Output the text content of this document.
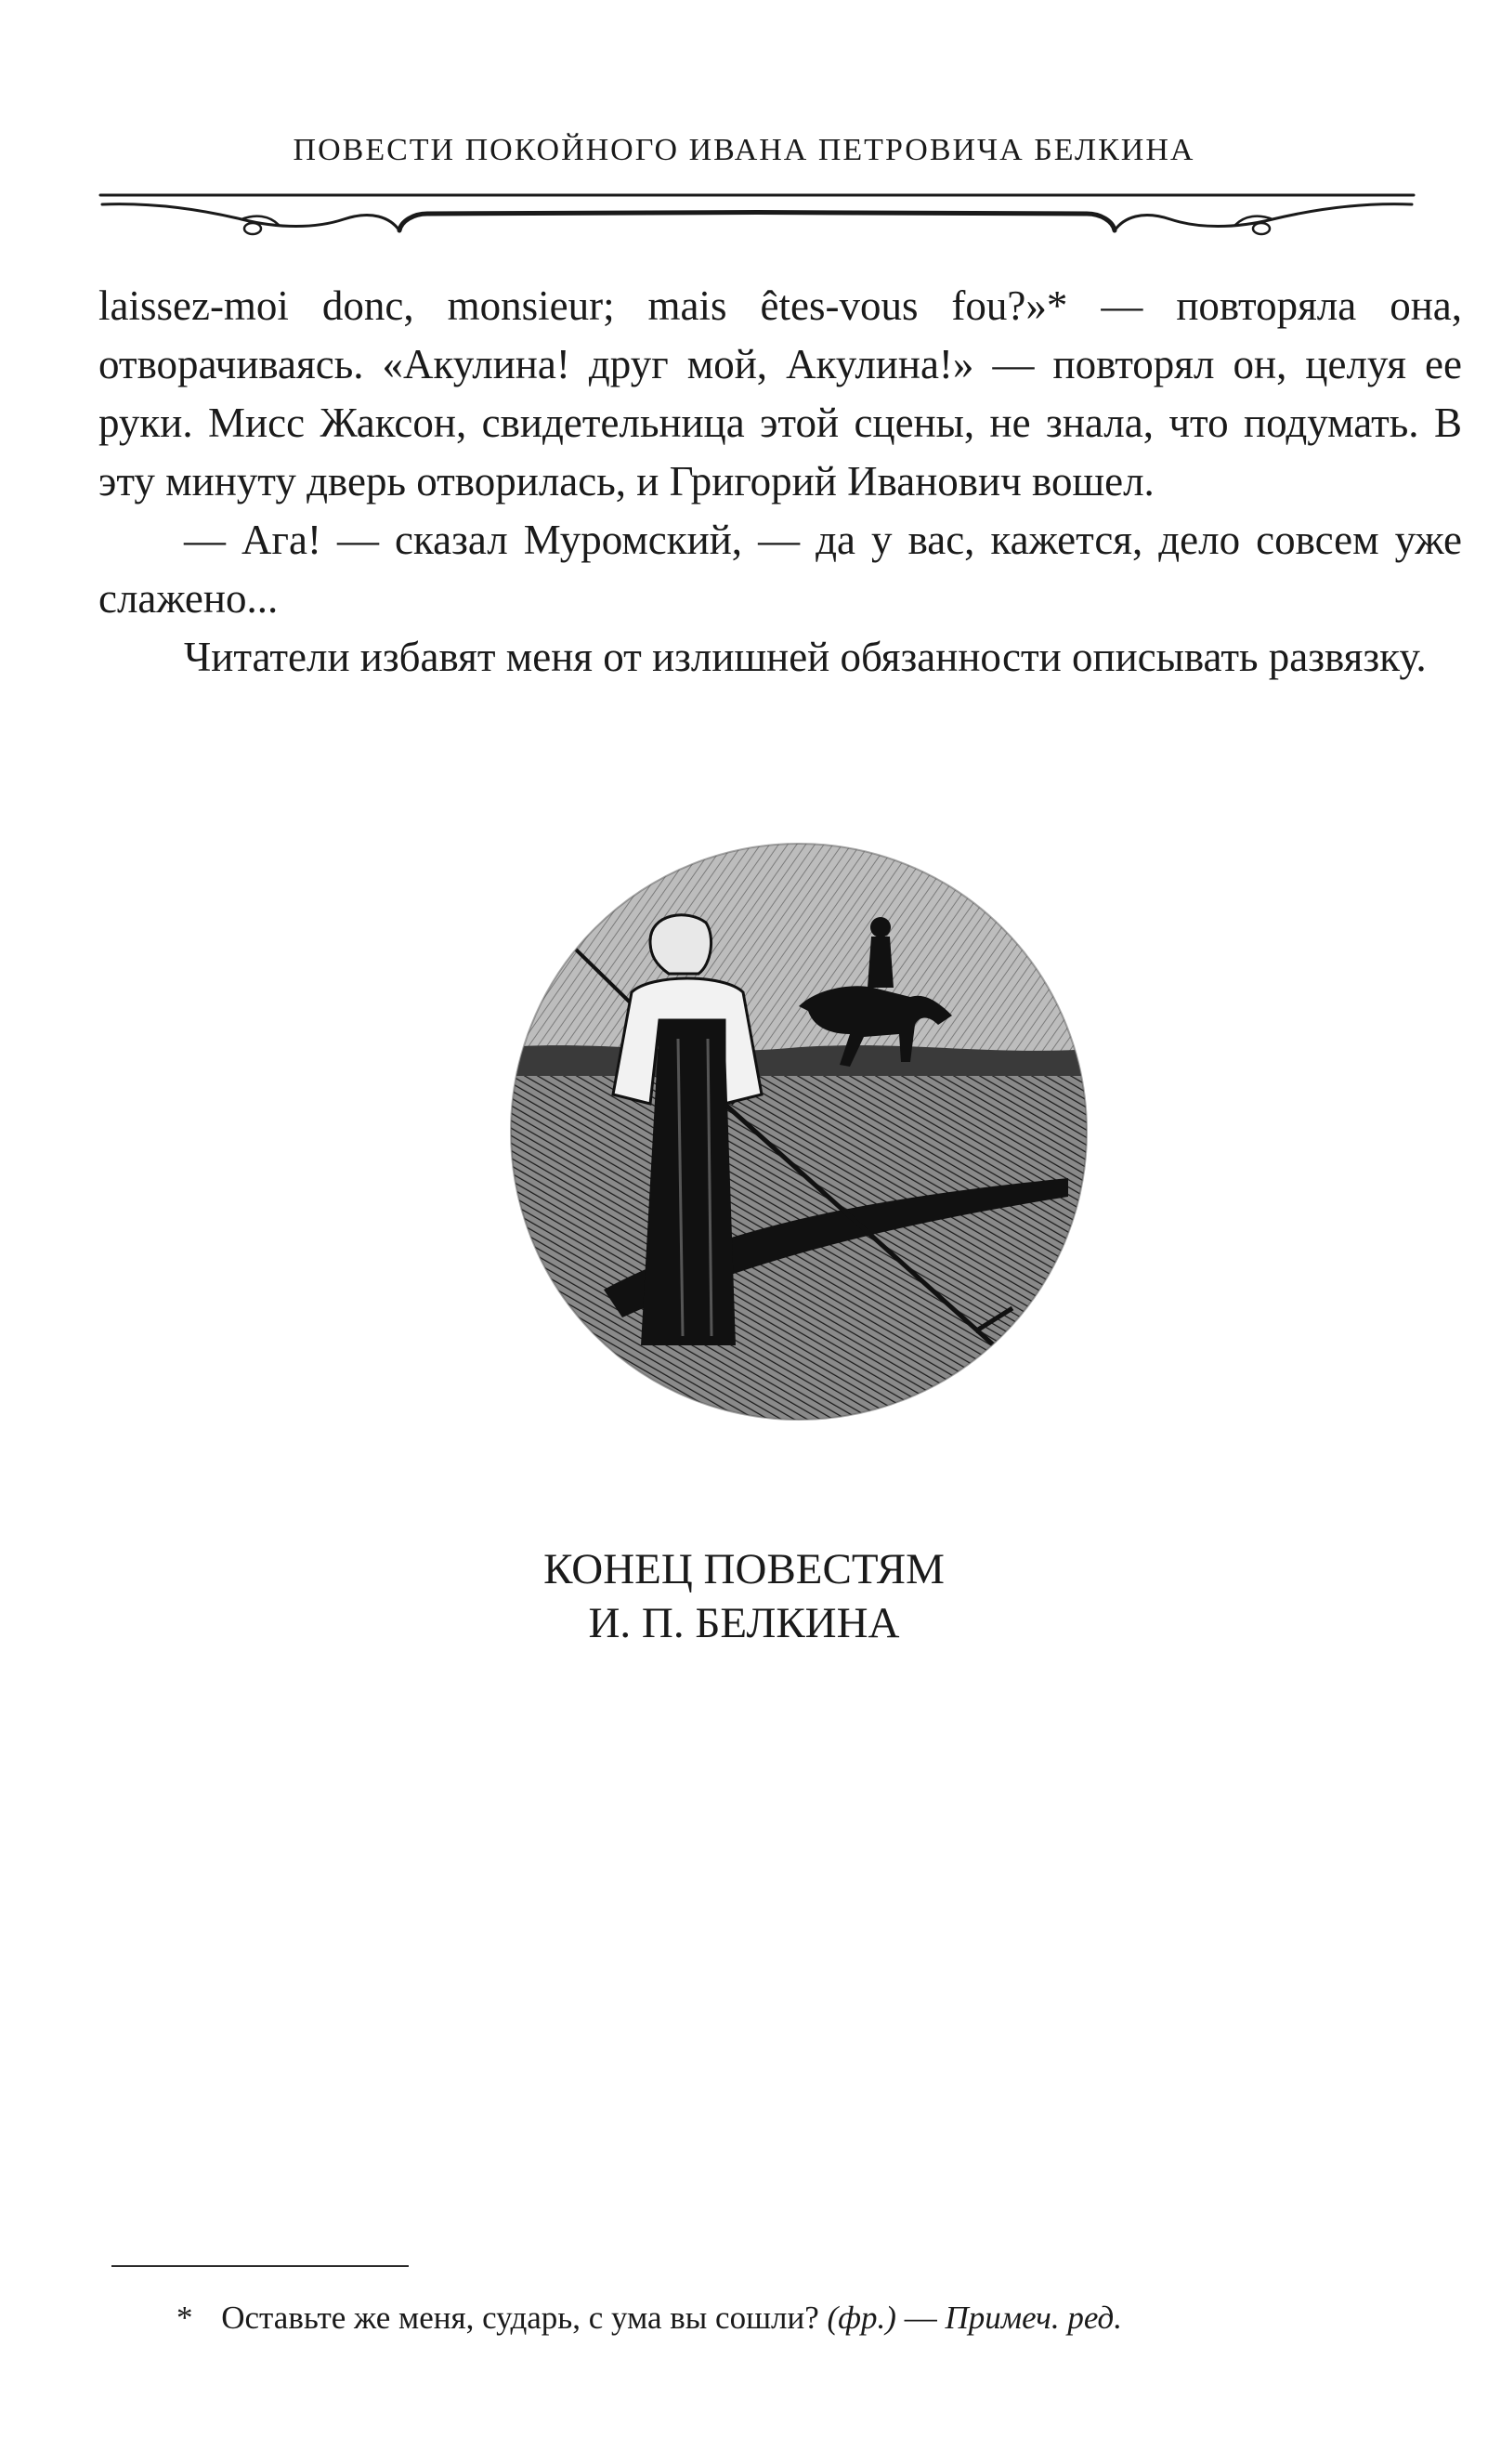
ПОВЕСТИ ПОКОЙНОГО ИВАНА ПЕТРОВИЧА БЕЛКИНА

laissez-moi donc, monsieur; mais êtes-vous fou?»* — повторяла она, отворачиваясь. «Акулина! друг мой, Акулина!» — повторял он, целуя ее руки. Мисс Жаксон, свидетельница этой сцены, не знала, что подумать. В эту минуту дверь отворилась, и Григорий Иванович вошел.

— Ага! — сказал Муромский, — да у вас, кажется, дело совсем уже слажено...

Читатели избавят меня от излишней обязанности описывать развязку.

КОНЕЦ ПОВЕСТЯМ
И. П. БЕЛКИНА
* Оставьте же меня, сударь, с ума вы сошли? (фр.) — Примеч. ред.
